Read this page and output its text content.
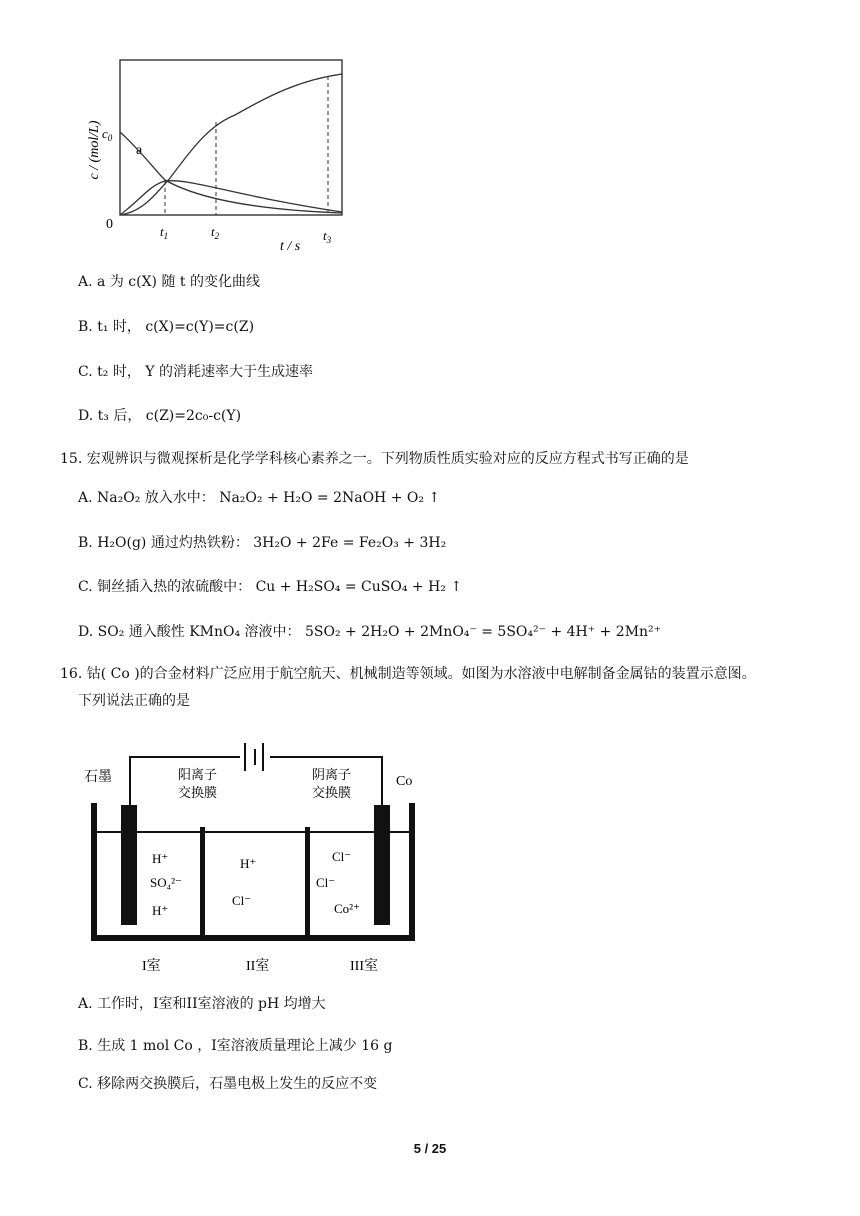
c / (mol/L) $c_0$
a
0	$t_1$	$t_2$	$t_3$
t / s
A. a 为 c(X) 随 t 的变化曲线
B. t₁ 时， c(X)=c(Y)=c(Z)
C. t₂ 时， Y 的消耗速率大于生成速率
D. t₃ 后， c(Z)=2c₀-c(Y)
15. 宏观辨识与微观探析是化学学科核心素养之一。下列物质性质实验对应的反应方程式书写正确的是
A. Na₂O₂ 放入水中： Na₂O₂ + H₂O = 2NaOH + O₂ ↑
B. H₂O(g) 通过灼热铁粉： 3H₂O + 2Fe = Fe₂O₃ + 3H₂
C. 铜丝插入热的浓硫酸中： Cu + H₂SO₄ = CuSO₄ + H₂ ↑
D. SO₂ 通入酸性 KMnO₄ 溶液中： 5SO₂ + 2H₂O + 2MnO₄⁻ = 5SO₄²⁻ + 4H⁺ + 2Mn²⁺
16. 钴( Co )的合金材料广泛应用于航空航天、机械制造等领域。如图为水溶液中电解制备金属钴的装置示意图。
下列说法正确的是
石墨	阳离子
交换膜
阴离子
交换膜
Co
H⁺
SO₄²⁻
H⁺
H⁺
Cl⁻
Cl⁻
Cl⁻
Co²⁺
I室	II室	III室
A. 工作时，I室和II室溶液的 pH 均增大
B. 生成 1 mol Co ，I室溶液质量理论上减少 16 g
C. 移除两交换膜后，石墨电极上发生的反应不变
5 / 25
